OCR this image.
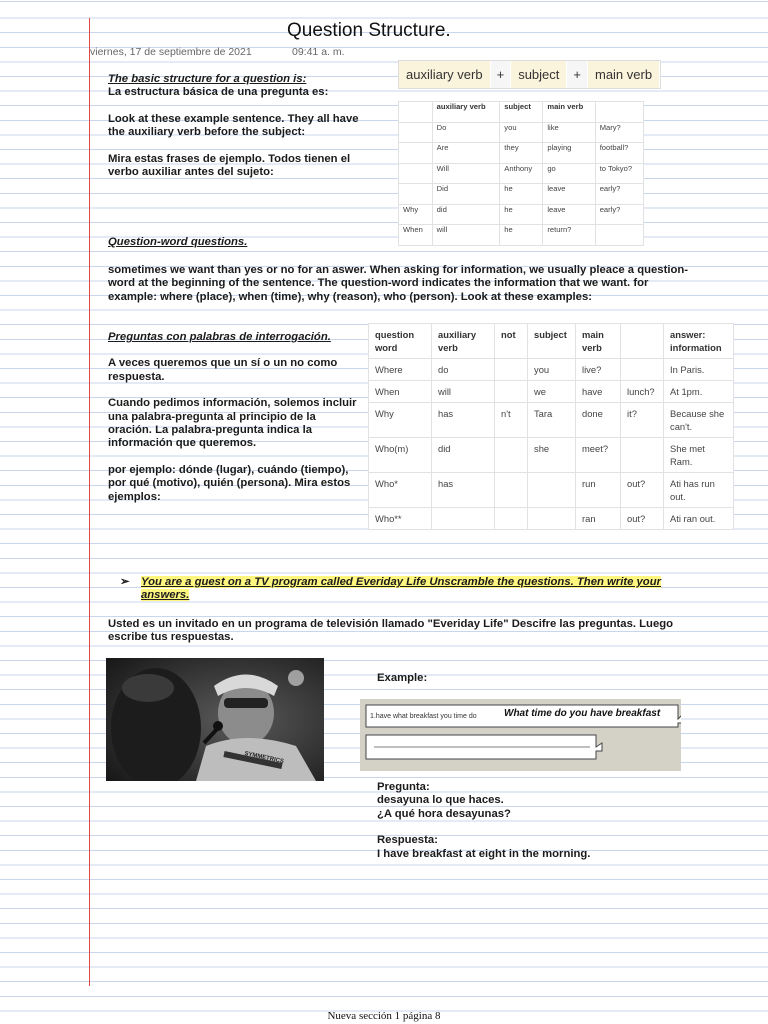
Question Structure.
viernes, 17 de septiembre de 2021	09:41 a. m.

The basic structure for a question is:

La estructura básica de una pregunta es:

Look at these example sentence. They all have

the auxiliary verb before the subject:

Mira estas frases de ejemplo. Todos tienen el

verbo auxiliar antes del sujeto:

auxiliary verb	+	subject	+	main verb
	auxiliary verb	subject	main verb	
	Do	you	like	Mary?
	Are	they	playing	football?
	Will	Anthony	go	to Tokyo?
	Did	he	leave	early?
Why	did	he	leave	early?
When	will	he	return?	
Question-word questions.
sometimes we want than yes or no for an aswer. When asking for information, we usually pleace a question-word at the beginning of the sentence. The question-word indicates the information that we want. for example: where (place), when (time), why (reason), who (person). Look at these examples:

Preguntas con palabras de interrogación.

A veces queremos que un sí o un no como respuesta.

Cuando pedimos información, solemos incluir una palabra-pregunta al principio de la oración. La palabra-pregunta indica la información que queremos.

por ejemplo: dónde (lugar), cuándo (tiempo), por qué (motivo), quién (persona). Mira estos ejemplos:

question word	auxiliary verb	not	subject	main verb		answer: information
Where	do		you	live?		In Paris.
When	will		we	have	lunch?	At 1pm.
Why	has	n't	Tara	done	it?	Because she can't.
Who(m)	did		she	meet?		She met Ram.
Who*	has			run	out?	Ati has run out.
Who**				ran	out?	Ati ran out.
➢ You are a guest on a TV program called Everiday Life Unscramble the questions. Then write your answers.
Usted es un invitado en un programa de televisión llamado "Everiday Life" Descifre las preguntas. Luego escribe tus respuestas.
SYMMETRICS
Example:
1.have what breakfast you time do	What time do you have breakfast

Pregunta:

desayuna lo que haces.

¿A qué hora desayunas?

Respuesta:

I have breakfast at eight in the morning.

Nueva sección 1 página 8
